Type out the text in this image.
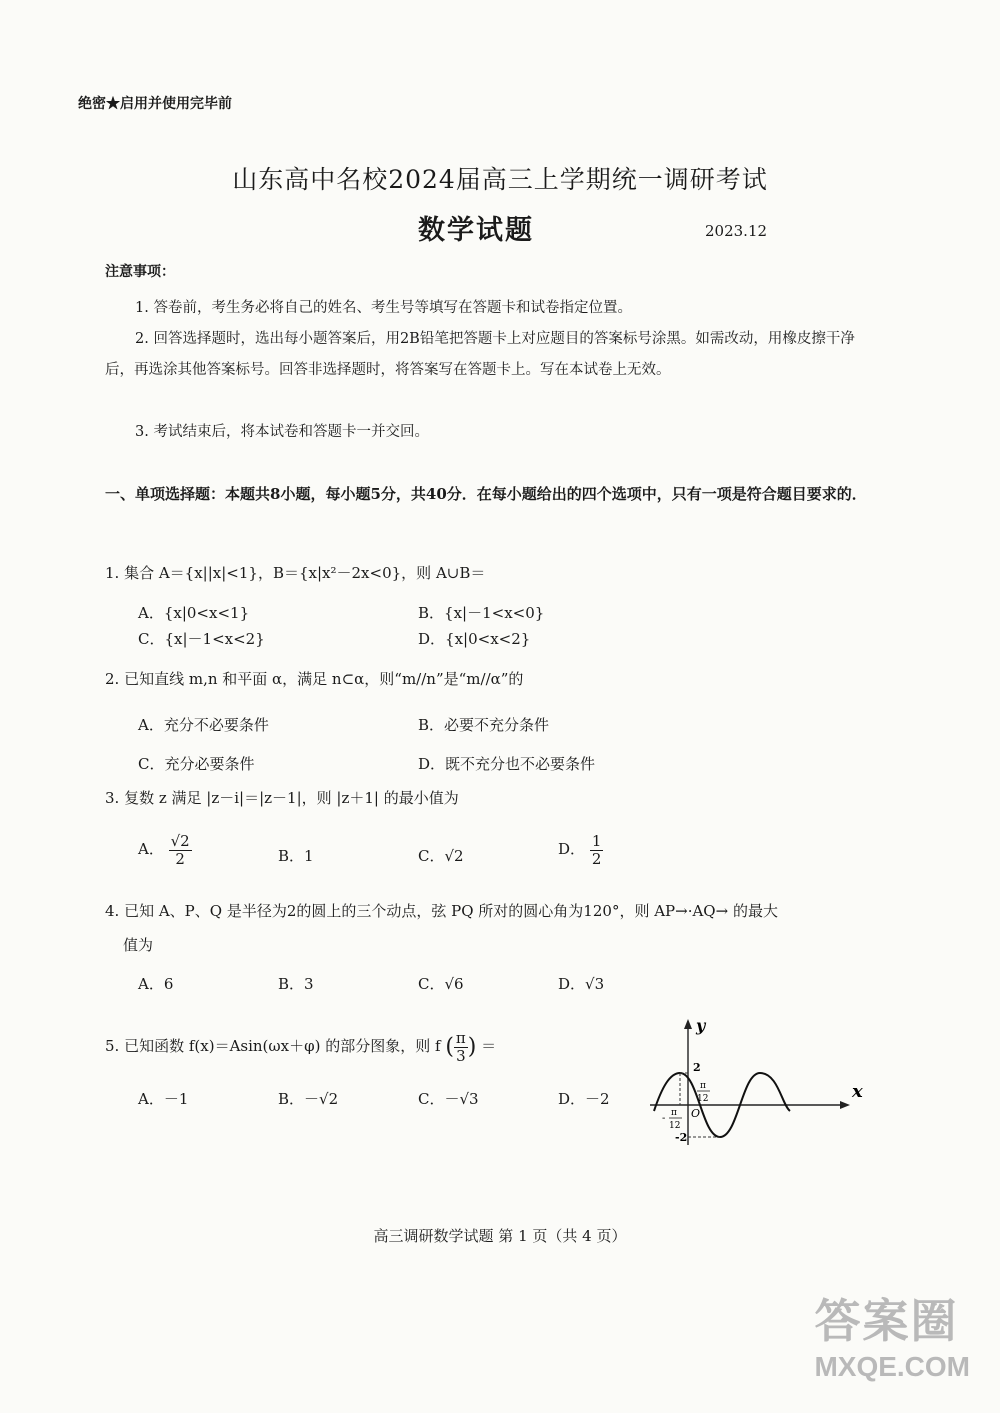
绝密★启用并使用完毕前
山东高中名校2024届高三上学期统一调研考试
数学试题	2023.12
注意事项：
1. 答卷前，考生务必将自己的姓名、考生号等填写在答题卡和试卷指定位置。
2. 回答选择题时，选出每小题答案后，用2B铅笔把答题卡上对应题目的答案标号涂黑。如需改动，用橡皮擦干净后，再选涂其他答案标号。回答非选择题时，将答案写在答题卡上。写在本试卷上无效。
3. 考试结束后，将本试卷和答题卡一并交回。
一、单项选择题：本题共8小题，每小题5分，共40分．在每小题给出的四个选项中，只有一项是符合题目要求的．
1. 集合 A＝{x||x|<1}，B＝{x|x²－2x<0}，则 A∪B＝
A．{x|0<x<1}	B．{x|－1<x<0}
C．{x|－1<x<2}	D．{x|0<x<2}
2. 已知直线 m,n 和平面 α，满足 n⊂α，则“m//n”是“m//α”的
A．充分不必要条件	B．必要不充分条件
C．充分必要条件	D．既不充分也不必要条件
3. 复数 z 满足 |z－i|＝|z－1|，则 |z＋1| 的最小值为
A． $\frac{√2}{2}$	B．1	C．√2	D． $\frac{1}{2}$
4. 已知 A、P、Q 是半径为2的圆上的三个动点，弦 PQ 所对的圆心角为120°，则 AP→·AQ→ 的最大
值为
A．6	B．3	C．√6	D．√3
5. 已知函数 f(x)＝Asin(ωx＋φ) 的部分图象，则 f ( $\frac{\pi}{3}$ ) ＝
A．－1	B．－√2	C．－√3	D．－2
y
x
O
2
-2
π
12
- π
12
高三调研数学试题 第 1 页（共 4 页）
答案圈
MXQE.COM
